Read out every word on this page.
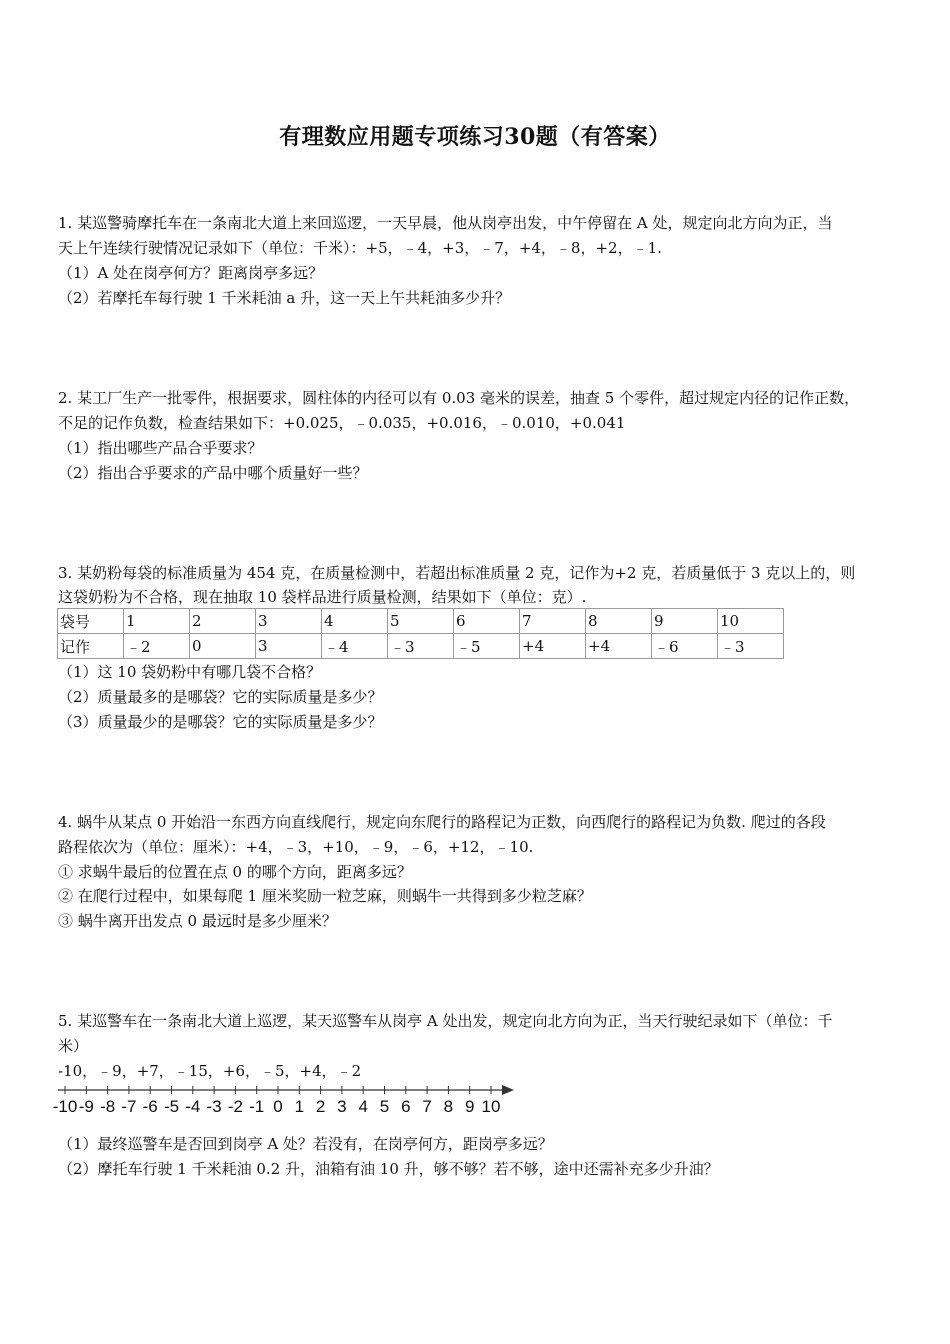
有理数应用题专项练习30题（有答案）
1. 某巡警骑摩托车在一条南北大道上来回巡逻，一天早晨，他从岗亭出发，中午停留在 A 处，规定向北方向为正，当
天上午连续行驶情况记录如下（单位：千米）：+5，﹣4，+3，﹣7，+4，﹣8，+2，﹣1.
（1）A 处在岗亭何方？距离岗亭多远？
（2）若摩托车每行驶 1 千米耗油 a 升，这一天上午共耗油多少升？
2. 某工厂生产一批零件，根据要求，圆柱体的内径可以有 0.03 毫米的误差，抽查 5 个零件，超过规定内径的记作正数，
不足的记作负数，检查结果如下：+0.025，﹣0.035，+0.016，﹣0.010，+0.041
（1）指出哪些产品合乎要求？
（2）指出合乎要求的产品中哪个质量好一些？
3. 某奶粉每袋的标准质量为 454 克，在质量检测中，若超出标准质量 2 克，记作为+2 克，若质量低于 3 克以上的，则
这袋奶粉为不合格，现在抽取 10 袋样品进行质量检测，结果如下（单位：克）.
袋号	1	2	3	4	5	6	7	8	9	10
记作	﹣2	0	3	﹣4	﹣3	﹣5	+4	+4	﹣6	﹣3
（1）这 10 袋奶粉中有哪几袋不合格？
（2）质量最多的是哪袋？它的实际质量是多少？
（3）质量最少的是哪袋？它的实际质量是多少？
4. 蜗牛从某点 0 开始沿一东西方向直线爬行，规定向东爬行的路程记为正数，向西爬行的路程记为负数. 爬过的各段
路程依次为（单位：厘米）：+4，﹣3，+10，﹣9，﹣6，+12，﹣10.
① 求蜗牛最后的位置在点 0 的哪个方向，距离多远？
② 在爬行过程中，如果每爬 1 厘米奖励一粒芝麻，则蜗牛一共得到多少粒芝麻？
③ 蜗牛离开出发点 0 最远时是多少厘米？
5. 某巡警车在一条南北大道上巡逻，某天巡警车从岗亭 A 处出发，规定向北方向为正，当天行驶纪录如下（单位：千
米）
-10，﹣9，+7，﹣15，+6，﹣5，+4，﹣2
-10 -9 -8 -7 -6 -5 -4 -3 -2 -1 0 1 2 3 4 5 6 7 8 9 10
（1）最终巡警车是否回到岗亭 A 处？若没有，在岗亭何方，距岗亭多远？
（2）摩托车行驶 1 千米耗油 0.2 升，油箱有油 10 升，够不够？若不够，途中还需补充多少升油？
